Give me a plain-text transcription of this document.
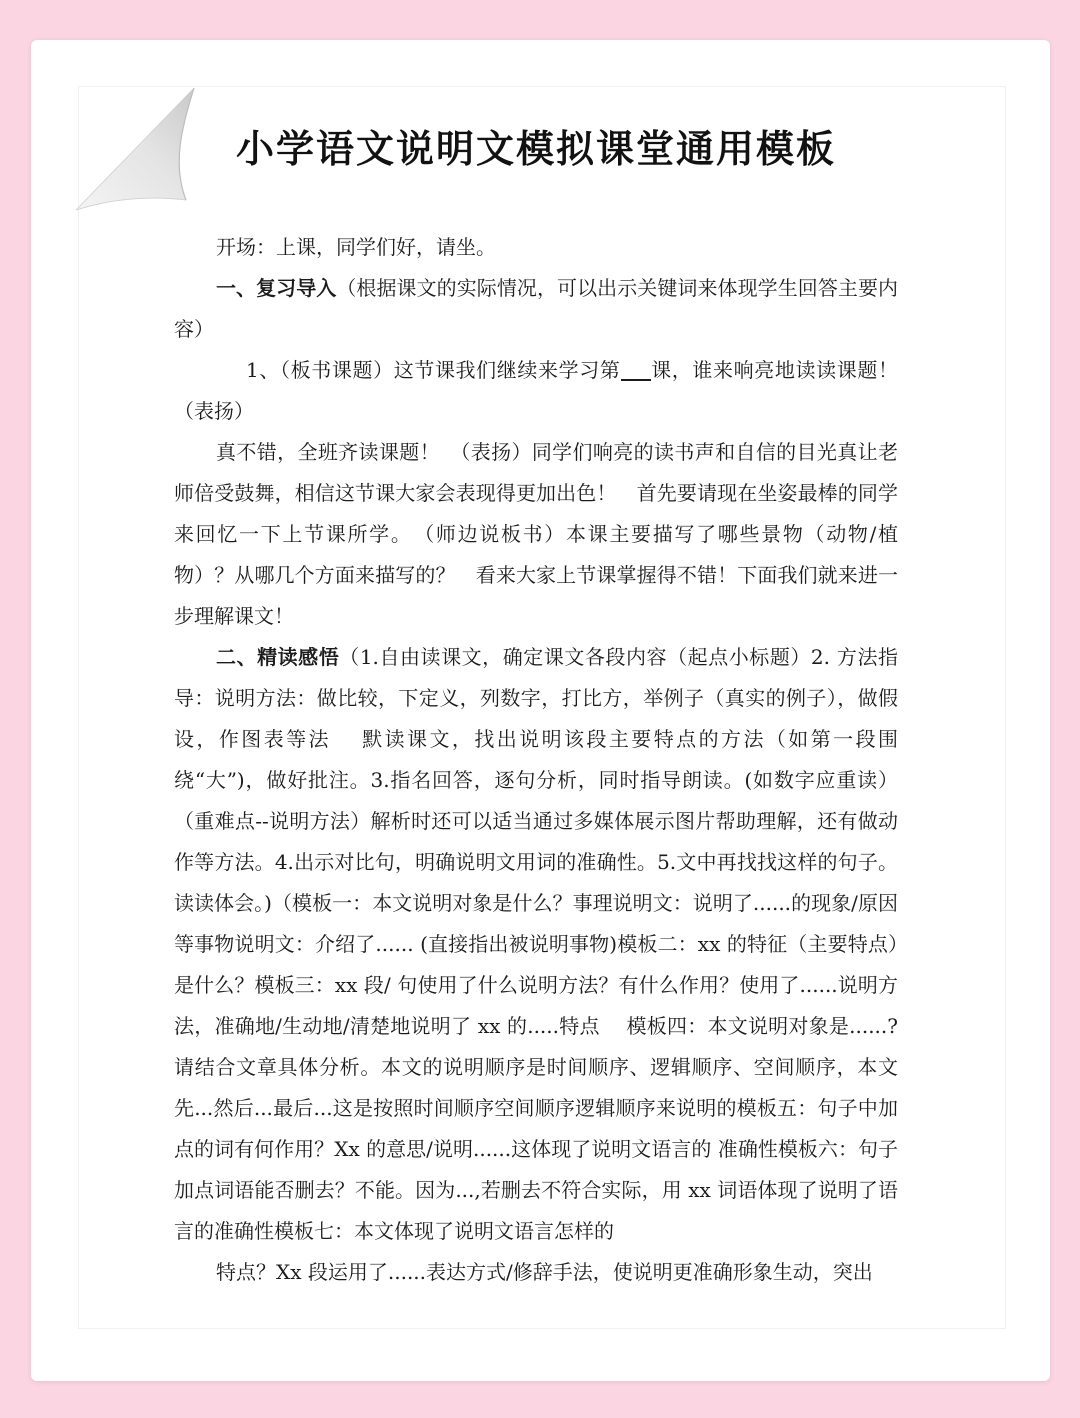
小学语文说明文模拟课堂通用模板

开场：上课，同学们好，请坐。

一、复习导入（根据课文的实际情况，可以出示关键词来体现学生回答主要内容）

1、（板书课题）这节课我们继续来学习第 课，谁来响亮地读读课题！（表扬）

真不错，全班齐读课题！　（表扬）同学们响亮的读书声和自信的目光真让老师倍受鼓舞，相信这节课大家会表现得更加出色！　首先要请现在坐姿最棒的同学来回忆一下上节课所学。　（师边说板书）本课主要描写了哪些景物（动物/植物）？从哪几个方面来描写的？　看来大家上节课掌握得不错！下面我们就来进一步理解课文！

二、精读感悟（1.自由读课文，确定课文各段内容（起点小标题）2. 方法指导：说明方法：做比较，下定义，列数字，打比方，举例子（真实的例子），做假设，作图表等法　 默读课文，找出说明该段主要特点的方法（如第一段围绕“大”)，做好批注。3.指名回答，逐句分析，同时指导朗读。(如数字应重读）（重难点--说明方法）解析时还可以适当通过多媒体展示图片帮助理解，还有做动作等方法。4.出示对比句，明确说明文用词的准确性。5.文中再找找这样的句子。读读体会。)（模板一：本文说明对象是什么？事理说明文：说明了......的现象/原因等事物说明文：介绍了...... (直接指出被说明事物)模板二：xx 的特征（主要特点）是什么？模板三：xx 段/ 句使用了什么说明方法？有什么作用？使用了......说明方法，准确地/生动地/清楚地说明了 xx 的.....特点　 模板四：本文说明对象是......?请结合文章具体分析。本文的说明顺序是时间顺序、逻辑顺序、空间顺序，本文先...然后...最后...这是按照时间顺序空间顺序逻辑顺序来说明的模板五：句子中加点的词有何作用？Xx 的意思/说明......这体现了说明文语言的 准确性模板六：句子加点词语能否删去？不能。因为...,若删去不符合实际，用 xx 词语体现了说明了语言的准确性模板七：本文体现了说明文语言怎样的

特点？Xx 段运用了......表达方式/修辞手法，使说明更准确形象生动，突出
